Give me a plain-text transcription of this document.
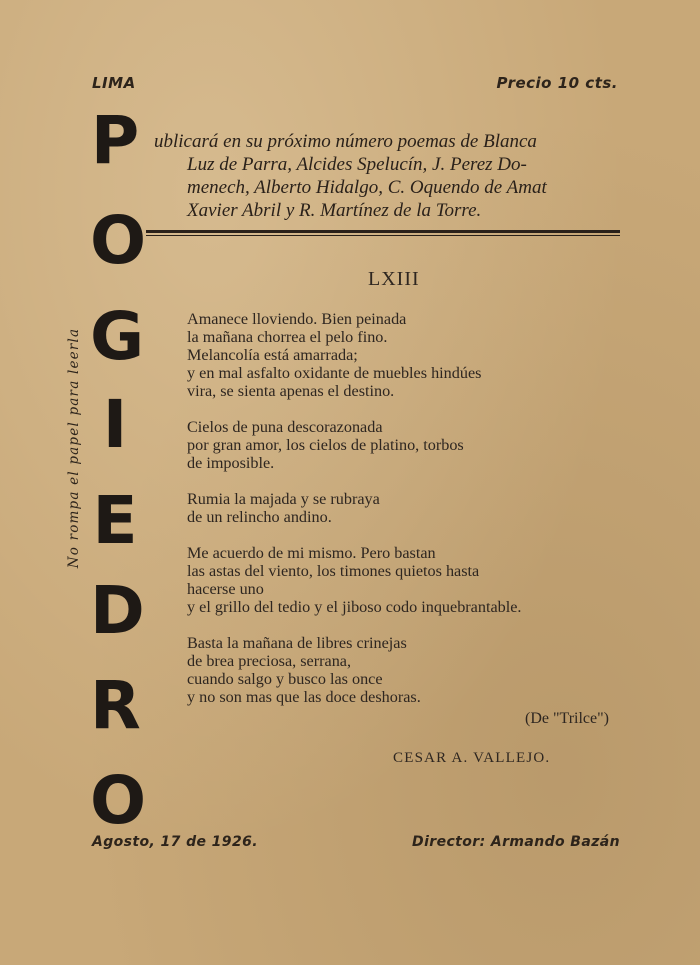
LIMA	Precio 10 cts.
P
O
G
I
E
D
R
O
No rompa el papel para leerla
ublicará en su próximo número poemas de Blanca
Luz de Parra, Alcides Spelucín, J. Perez Do-
menech, Alberto Hidalgo, C. Oquendo de Amat
Xavier Abril y R. Martínez de la Torre.
LXIII
Amanece lloviendo. Bien peinada
la mañana chorrea el pelo fino.
Melancolía está amarrada;
y en mal asfalto oxidante de muebles hindúes
vira, se sienta apenas el destino.
Cielos de puna descorazonada
por gran amor, los cielos de platino, torbos
de imposible.
Rumia la majada y se rubraya
de un relincho andino.
Me acuerdo de mi mismo. Pero bastan
las astas del viento, los timones quietos hasta
hacerse uno
y el grillo del tedio y el jiboso codo inquebrantable.
Basta la mañana de libres crinejas
de brea preciosa, serrana,
cuando salgo y busco las once
y no son mas que las doce deshoras.
(De "Trilce")
CESAR A. VALLEJO.
Agosto, 17 de 1926.	Director: Armando Bazán
